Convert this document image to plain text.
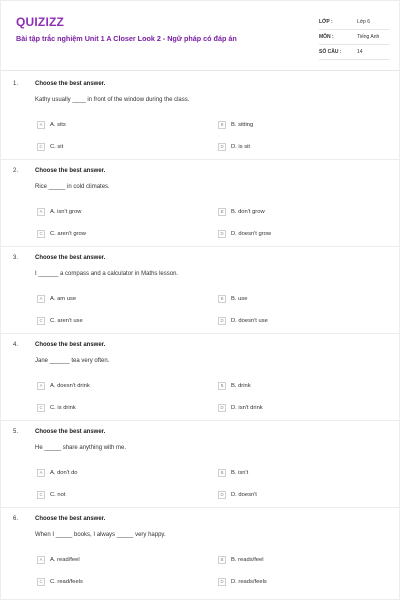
QUIZIZZ
Bài tập trắc nghiệm Unit 1 A Closer Look 2 - Ngữ pháp có đáp án
LỚP :	Lớp 6
MÔN :	Tiếng Anh
SỐ CÂU :	14
1.	Choose the best answer.
Kathy usually ____ in front of the window during the class.
A	A. sits	B	B. sitting
C	C. sit	D	D. is sit
2.	Choose the best answer.
Rice _____ in cold climates.
A	A. isn't grow	B	B. don't grow
C	C. aren't grow	D	D. doesn't grow
3.	Choose the best answer.
I ______ a compass and a calculator in Maths lesson.
A	A. am use	B	B. use
C	C. aren't use	D	D. doesn't use
4.	Choose the best answer.
Jane ______ tea very often.
A	A. doesn't drink	B	B. drink
C	C. is drink	D	D. isn't drink
5.	Choose the best answer.
He _____ share anything with me.
A	A. don't do	B	B. isn't
C	C. not	D	D. doesn't
6.	Choose the best answer.
When I _____ books, I always _____ very happy.
A	A. read/feel	B	B. reads/feel
C	C. read/feels	D	D. reads/feels
